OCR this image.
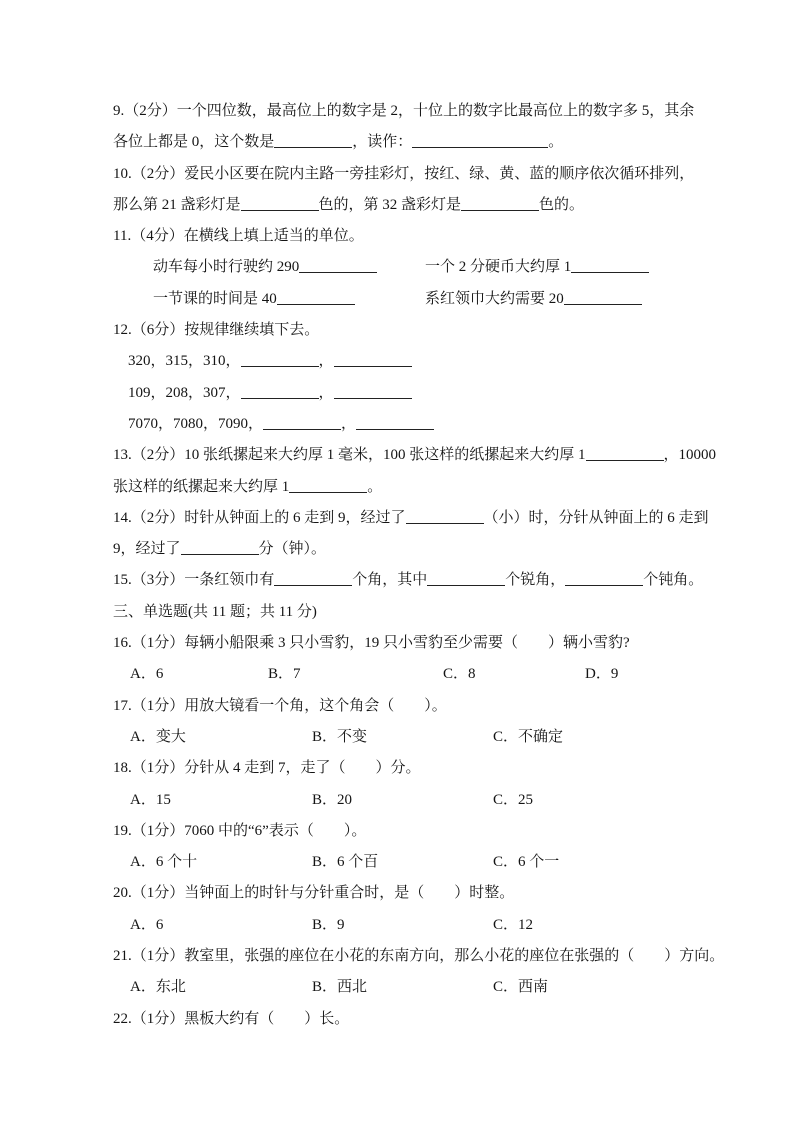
9.（2分）一个四位数，最高位上的数字是 2，十位上的数字比最高位上的数字多 5，其余
各位上都是 0，这个数是	，读作：	。
10.（2分）爱民小区要在院内主路一旁挂彩灯，按红、绿、黄、蓝的顺序依次循环排列，
那么第 21 盏彩灯是	色的，第 32 盏彩灯是	色的。
11.（4分）在横线上填上适当的单位。
动车每小时行驶约 290	一个 2 分硬币大约厚 1
一节课的时间是 40	系红领巾大约需要 20
12.（6分）按规律继续填下去。
320，315，310，	，
109，208，307，	，
7070，7080，7090，	，
13.（2分）10 张纸摞起来大约厚 1 毫米，100 张这样的纸摞起来大约厚 1	，10000
张这样的纸摞起来大约厚 1	。
14.（2分）时针从钟面上的 6 走到 9，经过了	（小）时，分针从钟面上的 6 走到
9，经过了	分（钟）。
15.（3分）一条红领巾有	个角，其中	个锐角，	个钝角。
三、单选题(共 11 题；共 11 分)
16.（1分）每辆小船限乘 3 只小雪豹，19 只小雪豹至少需要（　　）辆小雪豹?
A．6	B．7	C．8	D．9
17.（1分）用放大镜看一个角，这个角会（　　）。
A．变大	B．不变	C．不确定
18.（1分）分针从 4 走到 7，走了（　　）分。
A．15	B．20	C．25
19.（1分）7060 中的“6”表示（　　）。
A．6 个十	B．6 个百	C．6 个一
20.（1分）当钟面上的时针与分针重合时，是（　　）时整。
A．6	B．9	C．12
21.（1分）教室里，张强的座位在小花的东南方向，那么小花的座位在张强的（　　）方向。
A．东北	B．西北	C．西南
22.（1分）黑板大约有（　　）长。
